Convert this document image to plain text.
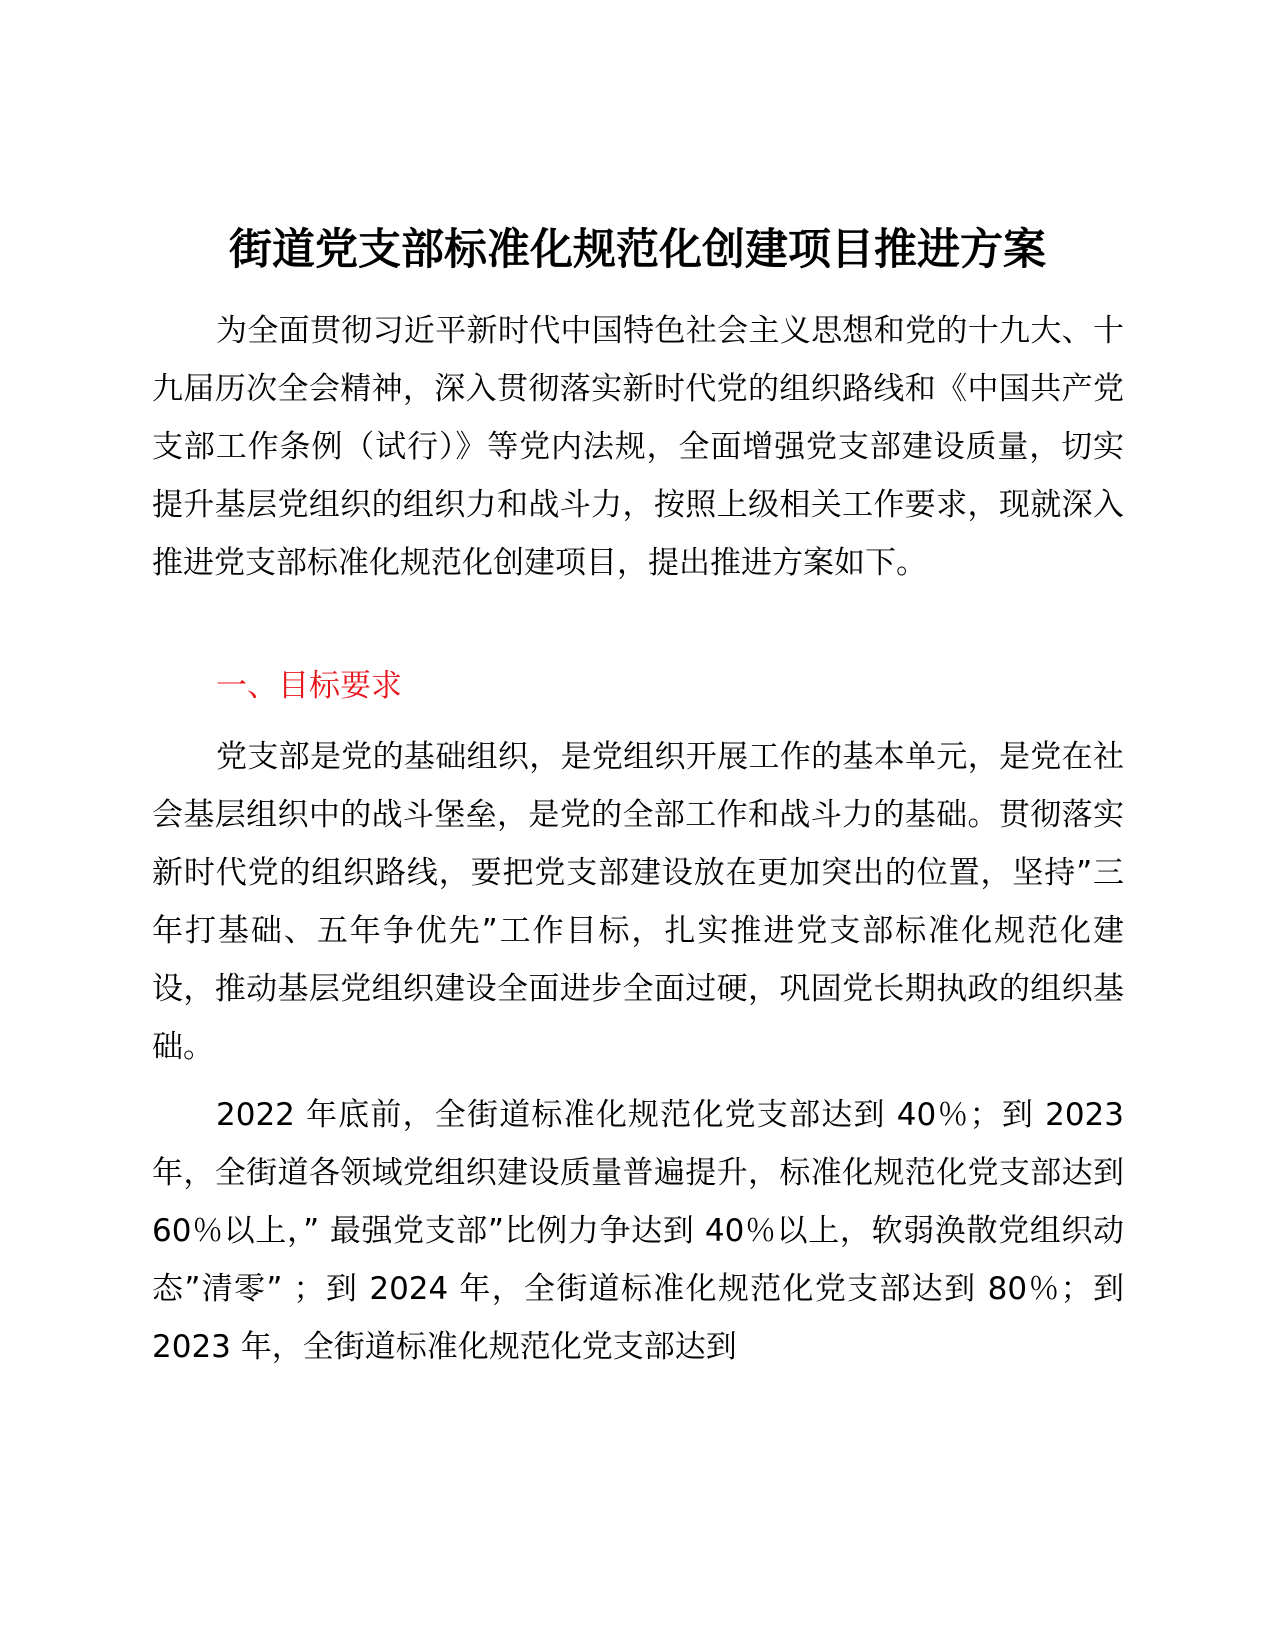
街道党支部标准化规范化创建项目推进方案

为全面贯彻习近平新时代中国特色社会主义思想和党的十九大、十九届历次全会精神，深入贯彻落实新时代党的组织路线和《中国共产党支部工作条例（试行）》等党内法规，全面增强党支部建设质量，切实提升基层党组织的组织力和战斗力，按照上级相关工作要求，现就深入推进党支部标准化规范化创建项目，提出推进方案如下。

一、目标要求

党支部是党的基础组织，是党组织开展工作的基本单元，是党在社会基层组织中的战斗堡垒，是党的全部工作和战斗力的基础。贯彻落实新时代党的组织路线，要把党支部建设放在更加突出的位置，坚持”三年打基础、五年争优先”工作目标，扎实推进党支部标准化规范化建设，推动基层党组织建设全面进步全面过硬，巩固党长期执政的组织基础。

2022 年底前，全街道标准化规范化党支部达到 40％；到 2023 年，全街道各领域党组织建设质量普遍提升，标准化规范化党支部达到 60％以上，” 最强党支部”比例力争达到 40％以上，软弱涣散党组织动态”清零” ；到 2024 年，全街道标准化规范化党支部达到 80％；到 2023 年，全街道标准化规范化党支部达到
